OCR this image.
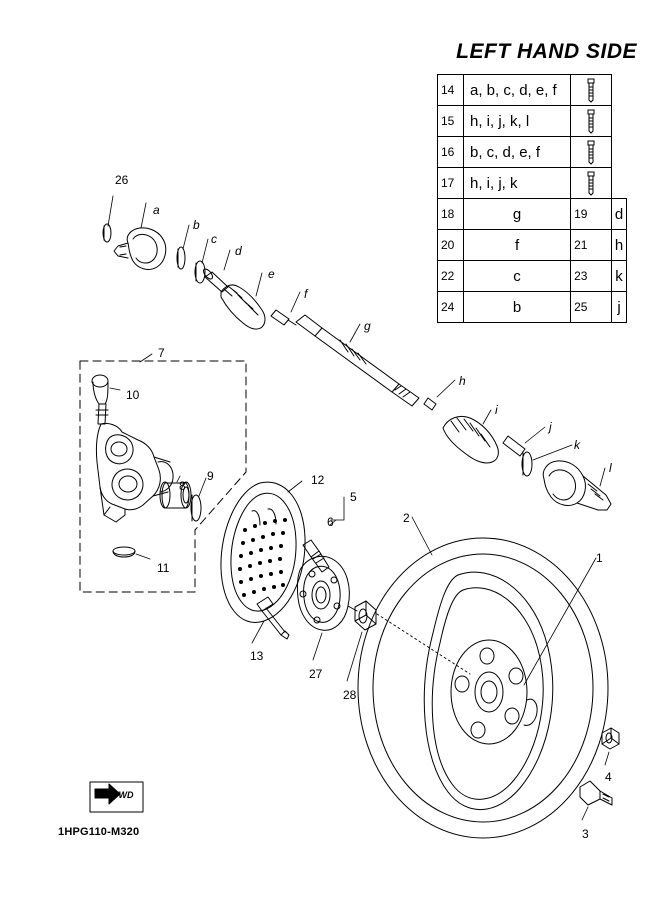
LEFT HAND SIDE
14	a, b, c, d, e, f	

15	h, i, j, k, l	

16	b, c, d, e, f	

17	h, i, j, k	

18	g	19	d
20	f	21	h
22	c	23	k
24	b	25	j
FWD
1HPG110-M320
1
2
3
4
5
6
7
8
9
10
11
12
13
26
27
28
a
b
c
d
e
f
g
h
i
j
k
l
